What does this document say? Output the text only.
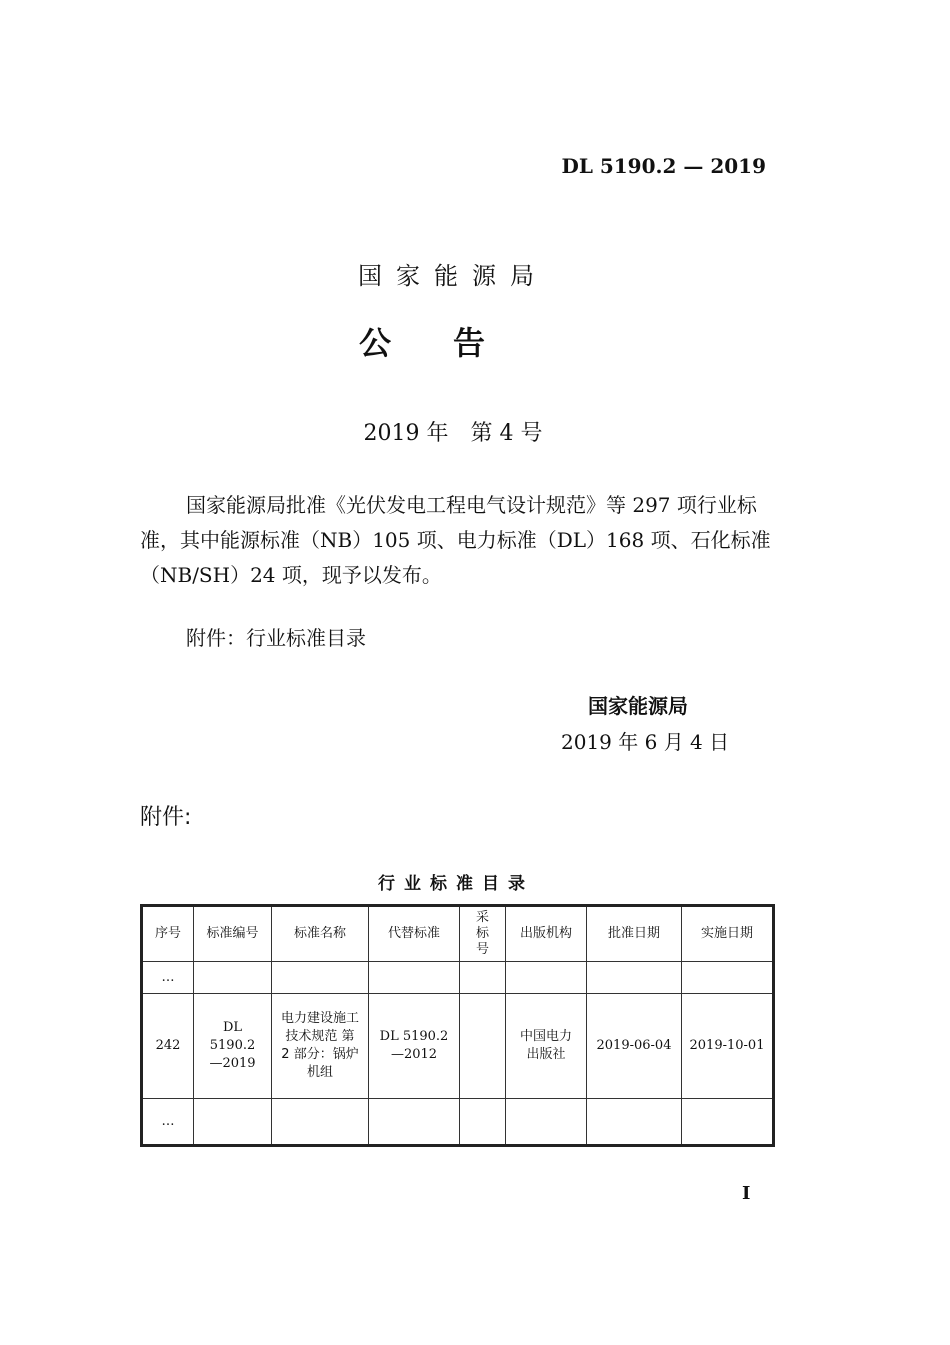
DL 5190.2 — 2019
国家能源局
公告
2019 年　第 4 号
国家能源局批准《光伏发电工程电气设计规范》等 297 项行业标准，其中能源标准（NB）105 项、电力标准（DL）168 项、石化标准（NB/SH）24 项，现予以发布。
附件：行业标准目录
国家能源局
2019 年 6 月 4 日
附件:
行业标准目录
序号	标准编号	标准名称	代替标准	采标号	出版机构	批准日期	实施日期
…							
242	DL 5190.2—2019	电力建设施工技术规范 第 2 部分：锅炉机组	DL 5190.2—2012		中国电力出版社	2019-06-04	2019-10-01
…							
I
